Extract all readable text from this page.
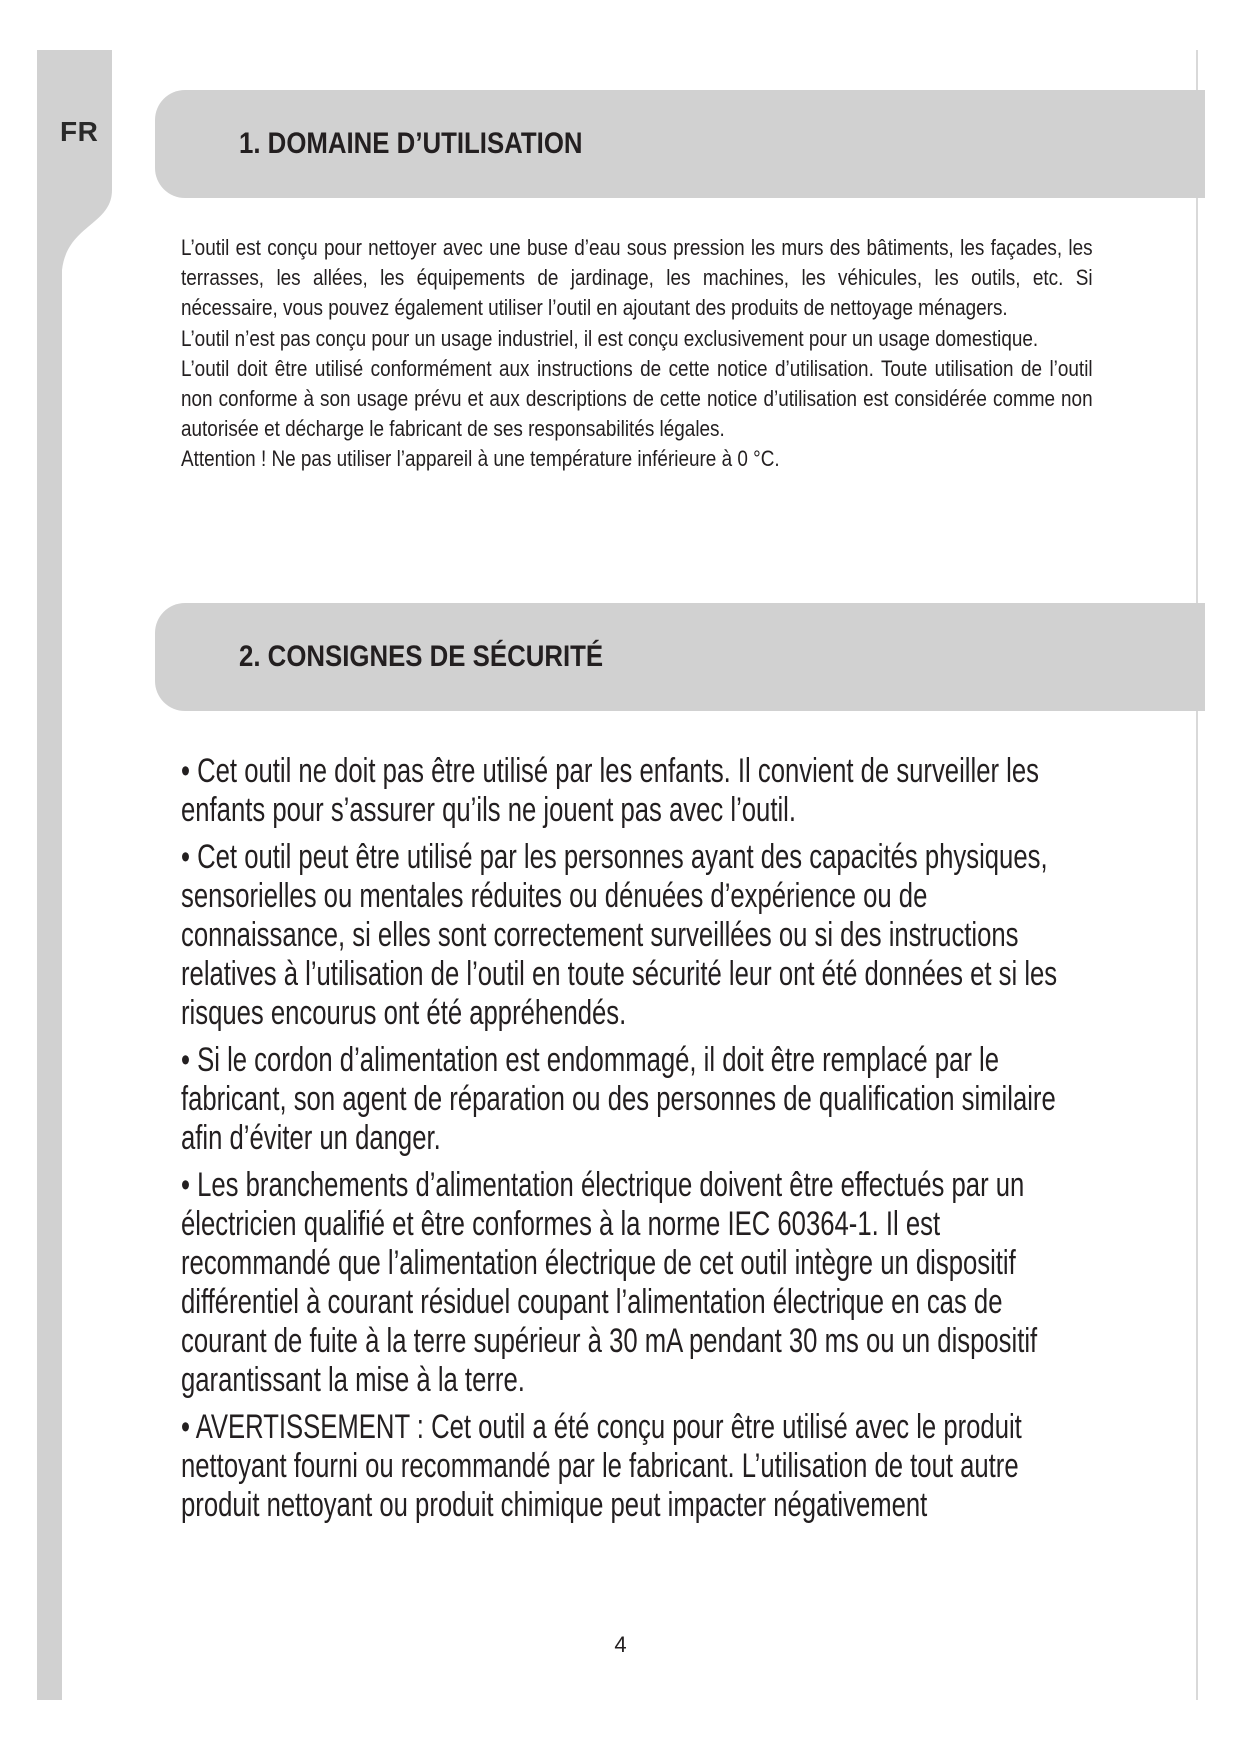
FR	1. DOMAINE D’UTILISATION

L’outil est conçu pour nettoyer avec une buse d’eau sous pression les murs des bâtiments, les façades, les terrasses, les allées, les équipements de jardinage, les machines, les véhicules, les outils, etc. Si nécessaire, vous pouvez également utiliser l’outil en ajoutant des produits de nettoyage ménagers.

L’outil n’est pas conçu pour un usage industriel, il est conçu exclusivement pour un usage domestique.

L’outil doit être utilisé conformément aux instructions de cette notice d’utilisation. Toute utilisation de l’outil non conforme à son usage prévu et aux descriptions de cette notice d’utilisation est considérée comme non autorisée et décharge le fabricant de ses responsabilités légales.

Attention ! Ne pas utiliser l’appareil à une température inférieure à 0 °C.

2. CONSIGNES DE SÉCURITÉ

• Cet outil ne doit pas être utilisé par les enfants. Il convient de surveiller les enfants pour s’assurer qu’ils ne jouent pas avec l’outil.

• Cet outil peut être utilisé par les personnes ayant des capacités physiques, sensorielles ou mentales réduites ou dénuées d’expérience ou de connaissance, si elles sont correctement surveillées ou si des instructions relatives à l’utilisation de l’outil en toute sécurité leur ont été données et si les risques encourus ont été appréhendés.

• Si le cordon d’alimentation est endommagé, il doit être remplacé par le fabricant, son agent de réparation ou des personnes de qualification similaire afin d’éviter un danger.

• Les branchements d’alimentation électrique doivent être effectués par un électricien qualifié et être conformes à la norme IEC 60364-1. Il est recommandé que l’alimentation électrique de cet outil intègre un dispositif différentiel à courant résiduel coupant l’alimentation électrique en cas de courant de fuite à la terre supérieur à 30 mA pendant 30 ms ou un dispositif garantissant la mise à la terre.

• AVERTISSEMENT : Cet outil a été conçu pour être utilisé avec le produit nettoyant fourni ou recommandé par le fabricant. L’utilisation de tout autre produit nettoyant ou produit chimique peut impacter négativement

4
